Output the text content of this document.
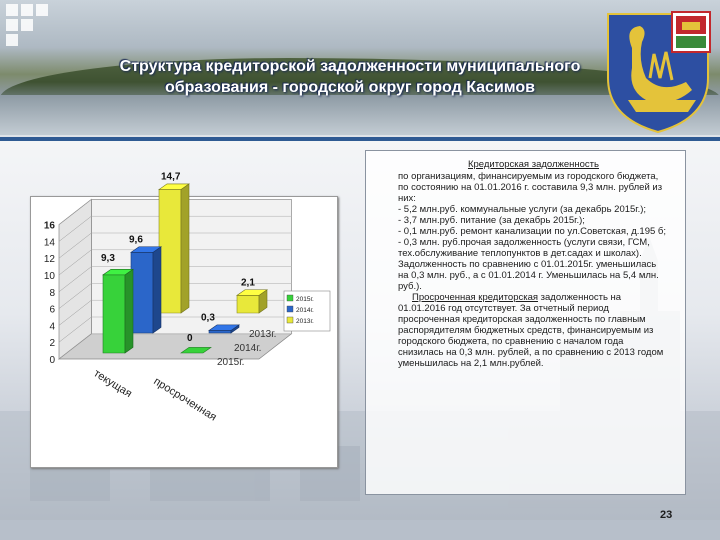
Структура кредиторской задолженности муниципального образования - городской округ город Касимов
0
2
4
6
8
10
12
14
16
14,7
2,1
9,6
0,3
9,3
0	2013г.
2014г.
2015г.
текущая просроченная
2015г.
2014г.
2013г.

Кредиторская задолженность

по организациям, финансируемым из городского бюджета, по состоянию на 01.01.2016 г. составила 9,3 млн. рублей из них:

- 5,2 млн.руб. коммунальные услуги (за декабрь 2015г.);

- 3,7 млн.руб. питание (за декабрь 2015г.);

- 0,1 млн.руб. ремонт канализации по ул.Советская, д.195 б;

- 0,3 млн. руб.прочая задолженность (услуги связи, ГСМ, тех.обслуживание теплопунктов в дет.садах и школах).

Задолженность по сравнению с 01.01.2015г. уменьшилась на 0,3 млн. руб., а с 01.01.2014 г. Уменьшилась на 5,4 млн. руб.).

Просроченная кредиторская задолженность на 01.01.2016 год отсутствует. За отчетный период просроченная кредиторская задолженность по главным распорядителям бюджетных средств, финансируемым из городского бюджета, по сравнению с началом года снизилась на 0,3 млн. рублей, а по сравнению с 2013 годом уменьшилась на 2,1 млн.рублей.

23
